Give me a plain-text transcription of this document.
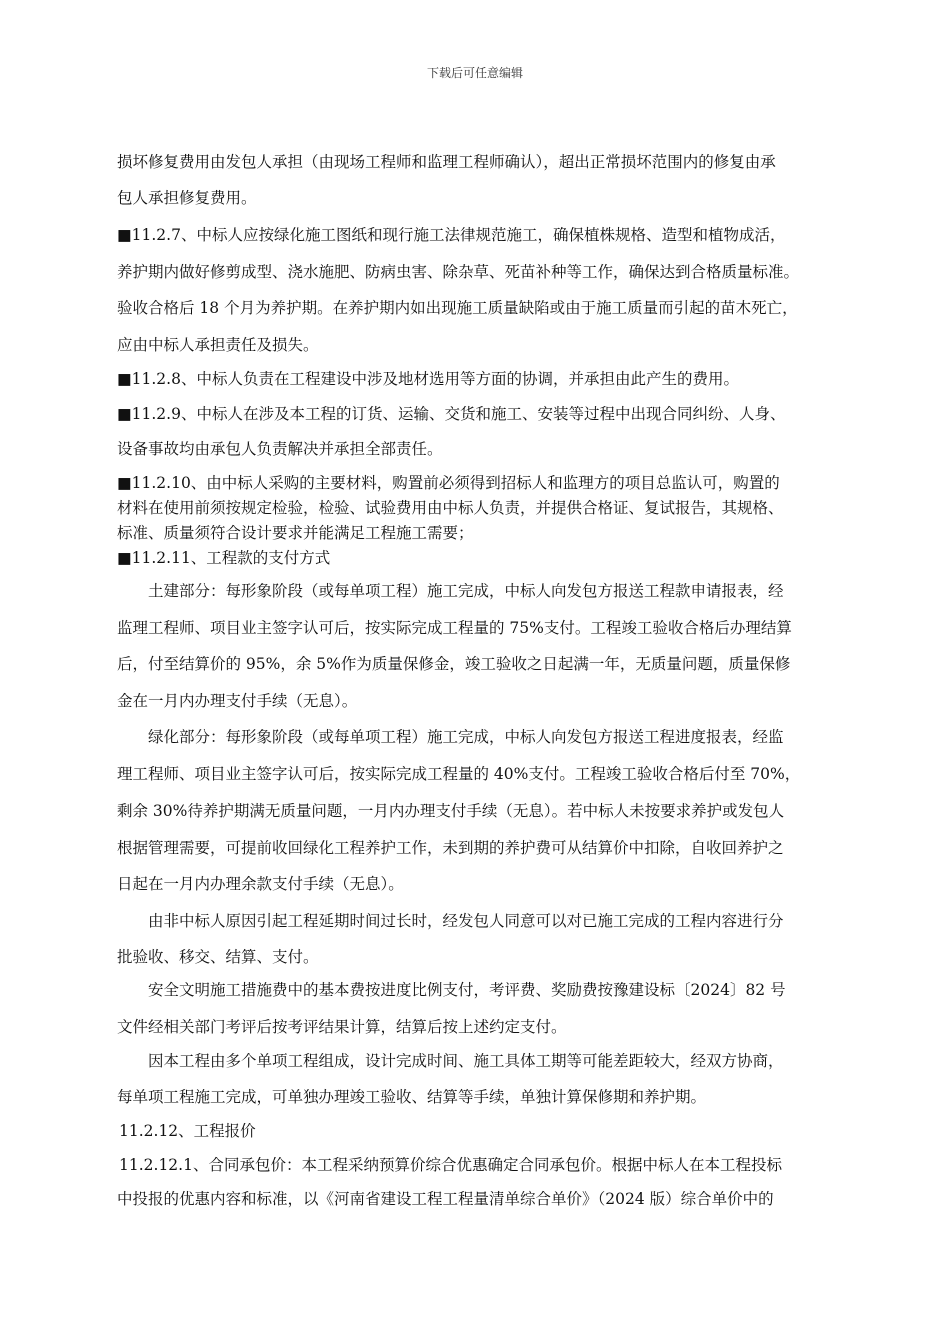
下载后可任意编辑
损坏修复费用由发包人承担（由现场工程师和监理工程师确认），超出正常损坏范围内的修复由承
包人承担修复费用。
■11.2.7、中标人应按绿化施工图纸和现行施工法律规范施工，确保植株规格、造型和植物成活，
养护期内做好修剪成型、浇水施肥、防病虫害、除杂草、死苗补种等工作，确保达到合格质量标准。
验收合格后 18 个月为养护期。在养护期内如出现施工质量缺陷或由于施工质量而引起的苗木死亡，
应由中标人承担责任及损失。
■11.2.8、中标人负责在工程建设中涉及地材选用等方面的协调，并承担由此产生的费用。
■11.2.9、中标人在涉及本工程的订货、运输、交货和施工、安装等过程中出现合同纠纷、人身、
设备事故均由承包人负责解决并承担全部责任。
■11.2.10、由中标人采购的主要材料，购置前必须得到招标人和监理方的项目总监认可，购置的
材料在使用前须按规定检验，检验、试验费用由中标人负责，并提供合格证、复试报告，其规格、
标准、质量须符合设计要求并能满足工程施工需要；
■11.2.11、工程款的支付方式
土建部分：每形象阶段（或每单项工程）施工完成，中标人向发包方报送工程款申请报表，经
监理工程师、项目业主签字认可后，按实际完成工程量的 75%支付。工程竣工验收合格后办理结算
后，付至结算价的 95%，余 5%作为质量保修金，竣工验收之日起满一年，无质量问题，质量保修
金在一月内办理支付手续（无息）。
绿化部分：每形象阶段（或每单项工程）施工完成，中标人向发包方报送工程进度报表，经监
理工程师、项目业主签字认可后，按实际完成工程量的 40%支付。工程竣工验收合格后付至 70%，
剩余 30%待养护期满无质量问题，一月内办理支付手续（无息）。若中标人未按要求养护或发包人
根据管理需要，可提前收回绿化工程养护工作，未到期的养护费可从结算价中扣除，自收回养护之
日起在一月内办理余款支付手续（无息）。
由非中标人原因引起工程延期时间过长时，经发包人同意可以对已施工完成的工程内容进行分
批验收、移交、结算、支付。
安全文明施工措施费中的基本费按进度比例支付，考评费、奖励费按豫建设标〔2024〕82 号
文件经相关部门考评后按考评结果计算，结算后按上述约定支付。
因本工程由多个单项工程组成，设计完成时间、施工具体工期等可能差距较大，经双方协商，
每单项工程施工完成，可单独办理竣工验收、结算等手续，单独计算保修期和养护期。
11.2.12、工程报价
11.2.12.1、合同承包价：本工程采纳预算价综合优惠确定合同承包价。根据中标人在本工程投标
中投报的优惠内容和标准，以《河南省建设工程工程量清单综合单价》（2024 版）综合单价中的
